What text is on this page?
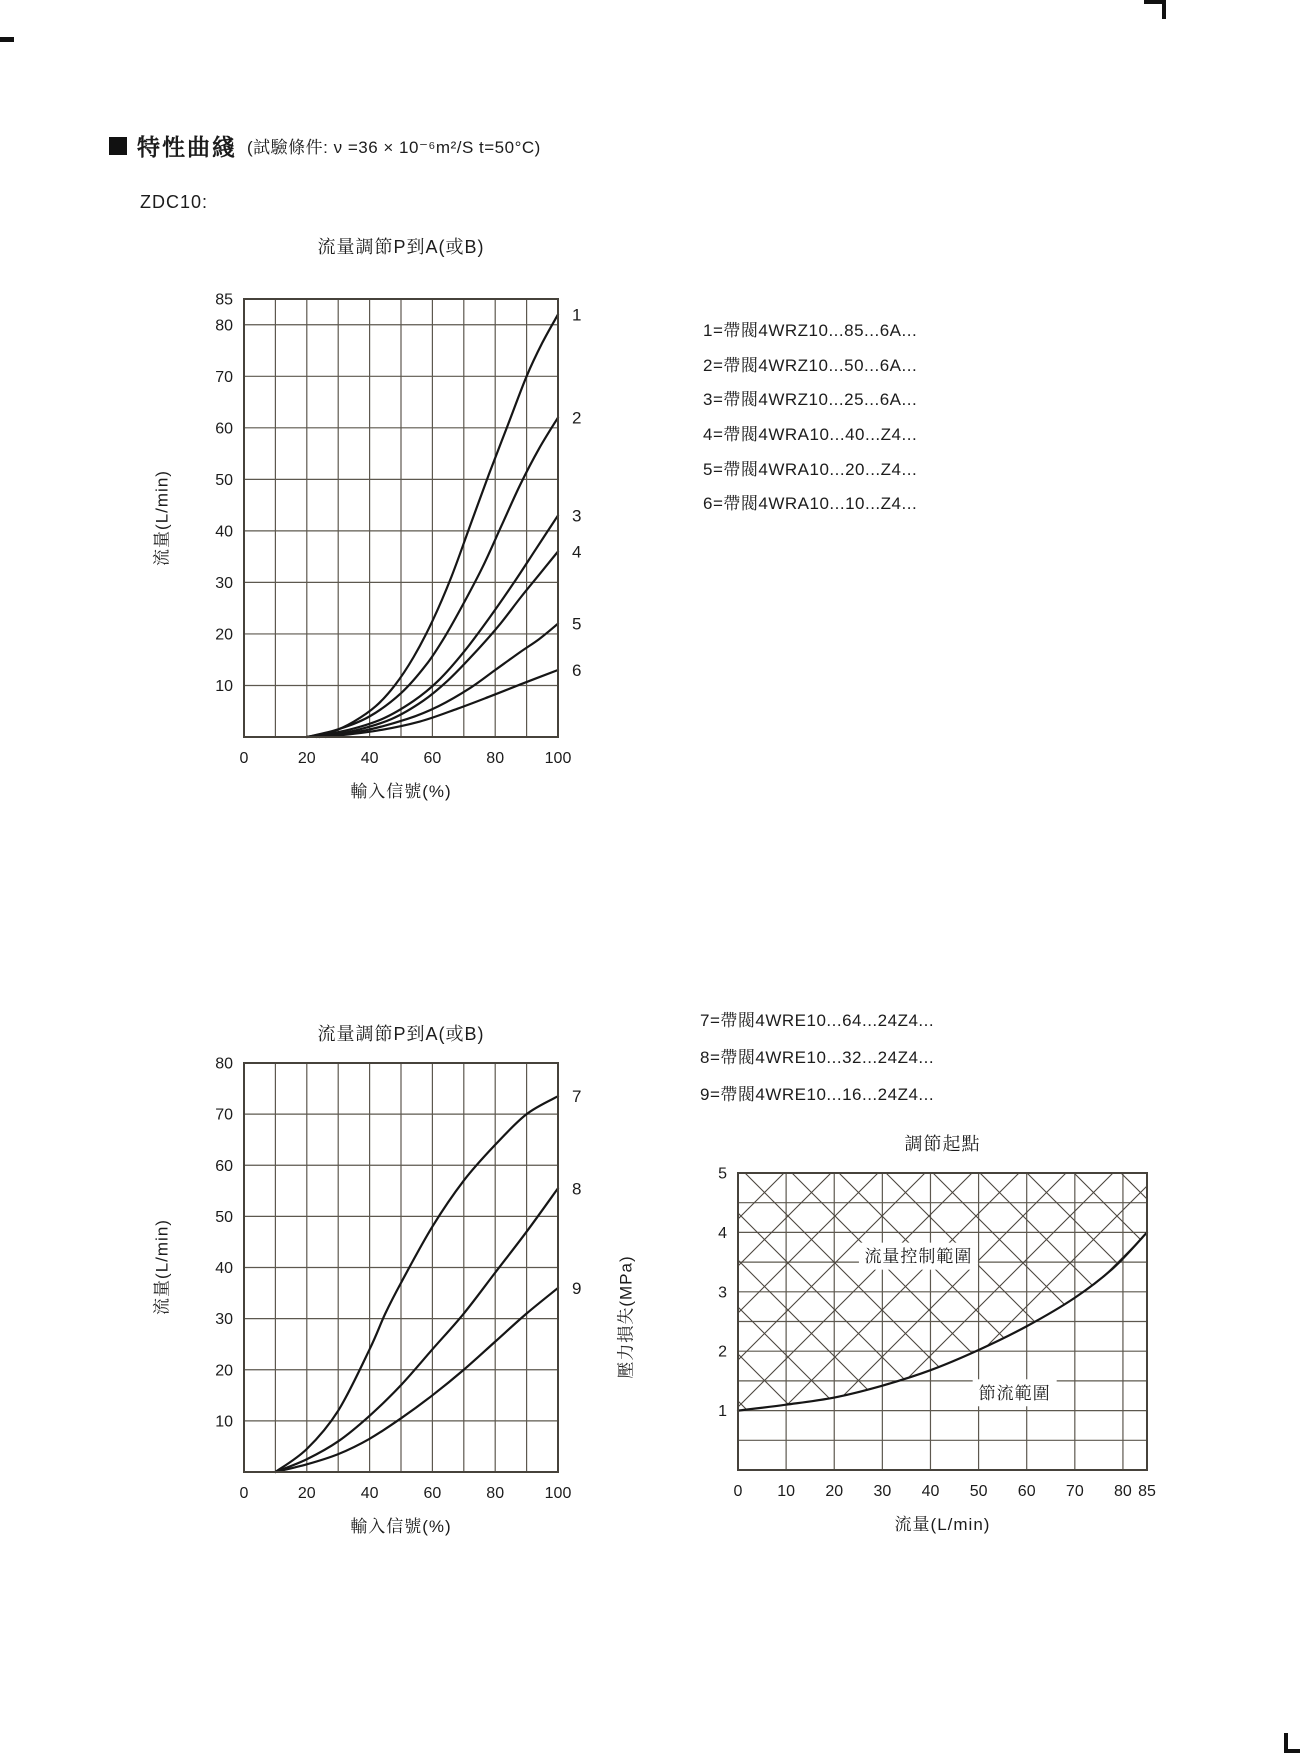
特性曲綫 (試驗條件: ν =36 × 10⁻⁶m²/S t=50°C)
ZDC10:
流量調節P到A(或B)
流量(L/min)
1
2
3
4
5
6
0	20	40	60	80	100
10
20
30
40
50
60
70
80
85
輸入信號(%)
1=帶閥4WRZ10...85...6A...
2=帶閥4WRZ10...50...6A...
3=帶閥4WRZ10...25...6A...
4=帶閥4WRA10...40...Z4...
5=帶閥4WRA10...20...Z4...
6=帶閥4WRA10...10...Z4...
流量調節P到A(或B)
流量(L/min)
7
8
9
0	20	40	60	80	100
10
20
30
40
50
60
70
80
輸入信號(%)
7=帶閥4WRE10...64...24Z4...
8=帶閥4WRE10...32...24Z4...
9=帶閥4WRE10...16...24Z4...
調節起點
壓力損失(MPa)
0 10 20 30 40 50 60 70 80 85
1
2
3
4
5
流量控制範圍
節流範圍
流量(L/min)
